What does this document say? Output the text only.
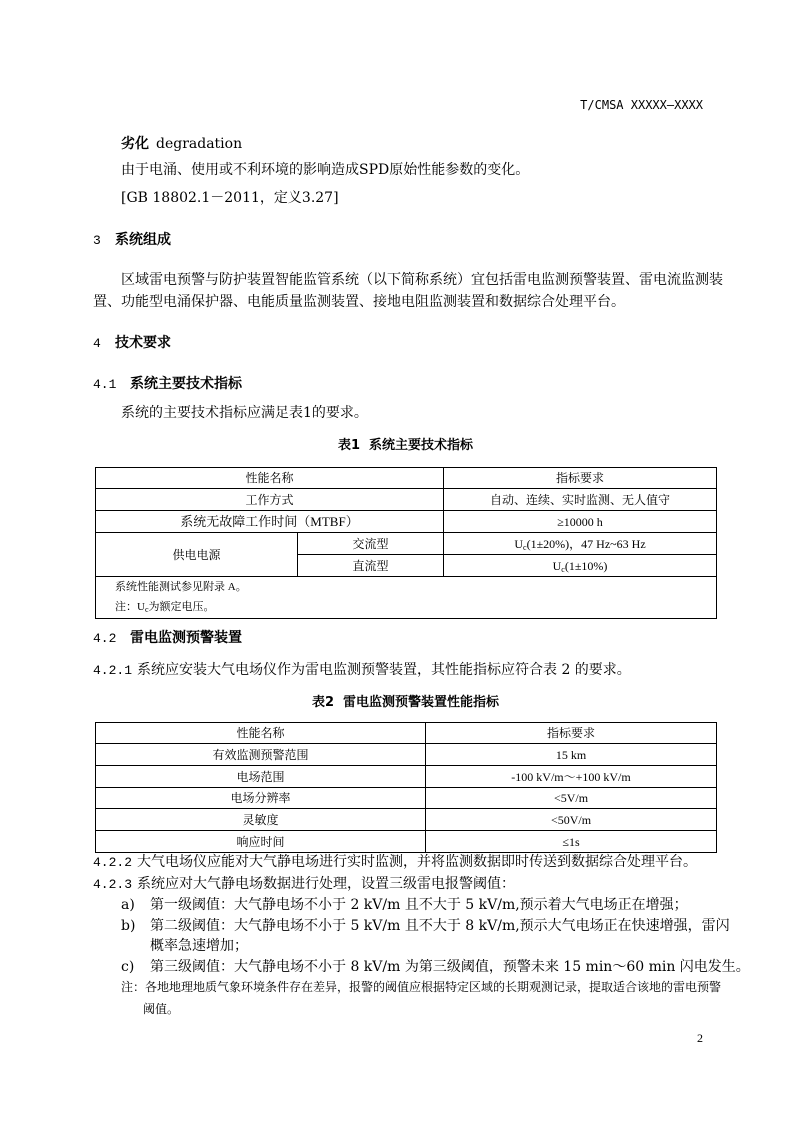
T/CMSA XXXXX—XXXX
劣化 degradation
由于电涌、使用或不利环境的影响造成SPD原始性能参数的变化。
[GB 18802.1－2011，定义3.27]
3 系统组成
区域雷电预警与防护装置智能监管系统（以下简称系统）宜包括雷电监测预警装置、雷电流监测装
置、功能型电涌保护器、电能质量监测装置、接地电阻监测装置和数据综合处理平台。
4 技术要求
4.1 系统主要技术指标
系统的主要技术指标应满足表1的要求。
表1  系统主要技术指标
性能名称		指标要求
工作方式		自动、连续、实时监测、无人值守
系统无故障工作时间（MTBF）		≥10000 h
供电电源	交流型	$U_c(1\pm 20\%)$，47 Hz~63 Hz
	直流型	$U_c(1\pm 10\%)$

系统性能测试参见附录 A。
注：$U_c$为额定电压。		
4.2 雷电监测预警装置
4.2.1 系统应安装大气电场仪作为雷电监测预警装置，其性能指标应符合表 2 的要求。
表2  雷电监测预警装置性能指标
性能名称	指标要求
有效监测预警范围	15 km
电场范围	-100 kV/m～+100 kV/m
电场分辨率	<5V/m
灵敏度	<50V/m
响应时间	≤1s
4.2.2 大气电场仪应能对大气静电场进行实时监测，并将监测数据即时传送到数据综合处理平台。
4.2.3 系统应对大气静电场数据进行处理，设置三级雷电报警阈值：
a) 第一级阈值：大气静电场不小于 2 kV/m 且不大于 5 kV/m,预示着大气电场正在增强；
b) 第二级阈值：大气静电场不小于 5 kV/m 且不大于 8 kV/m,预示大气电场正在快速增强，雷闪
概率急速增加；
c) 第三级阈值：大气静电场不小于 8 kV/m 为第三级阈值，预警未来 15 min～60 min 闪电发生。
注：各地地理地质气象环境条件存在差异，报警的阈值应根据特定区域的长期观测记录，提取适合该地的雷电预警
阈值。
2
